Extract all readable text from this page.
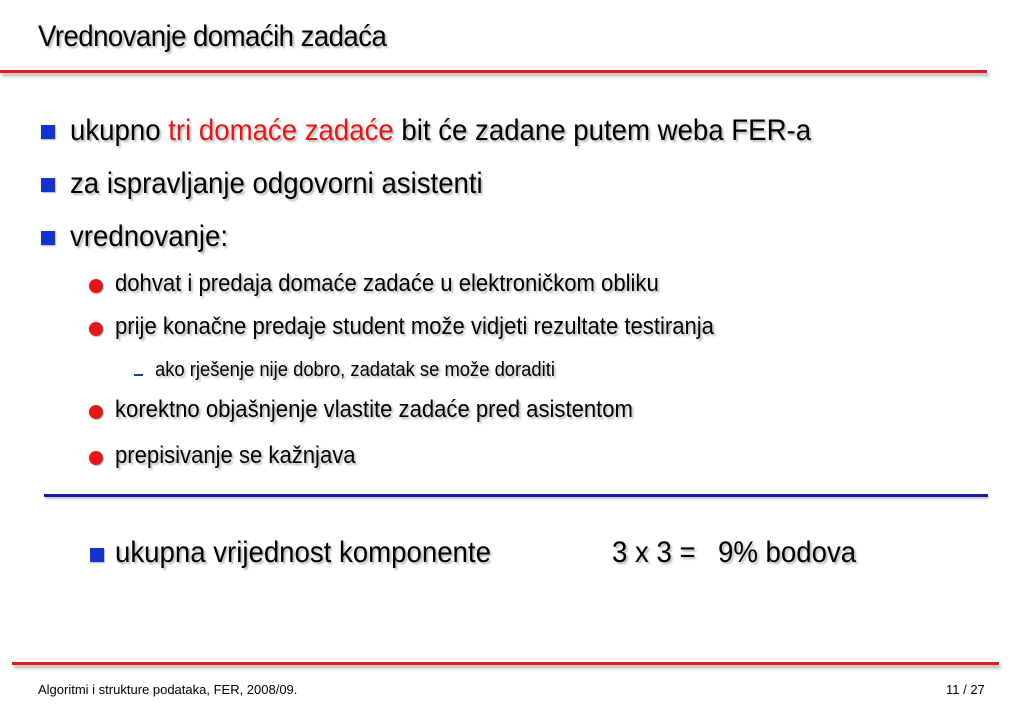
Vrednovanje domaćih zadaća
ukupno tri domaće zadaće bit će zadane putem weba FER-a
za ispravljanje odgovorni asistenti
vrednovanje:
dohvat i predaja domaće zadaće u elektroničkom obliku
prije konačne predaje student može vidjeti rezultate testiranja
ako rješenje nije dobro, zadatak se može doraditi
korektno objašnjenje vlastite zadaće pred asistentom
prepisivanje se kažnjava
ukupna vrijednost komponente	3 x 3 = 9% bodova
Algoritmi i strukture podataka, FER, 2008/09.	11 / 27
